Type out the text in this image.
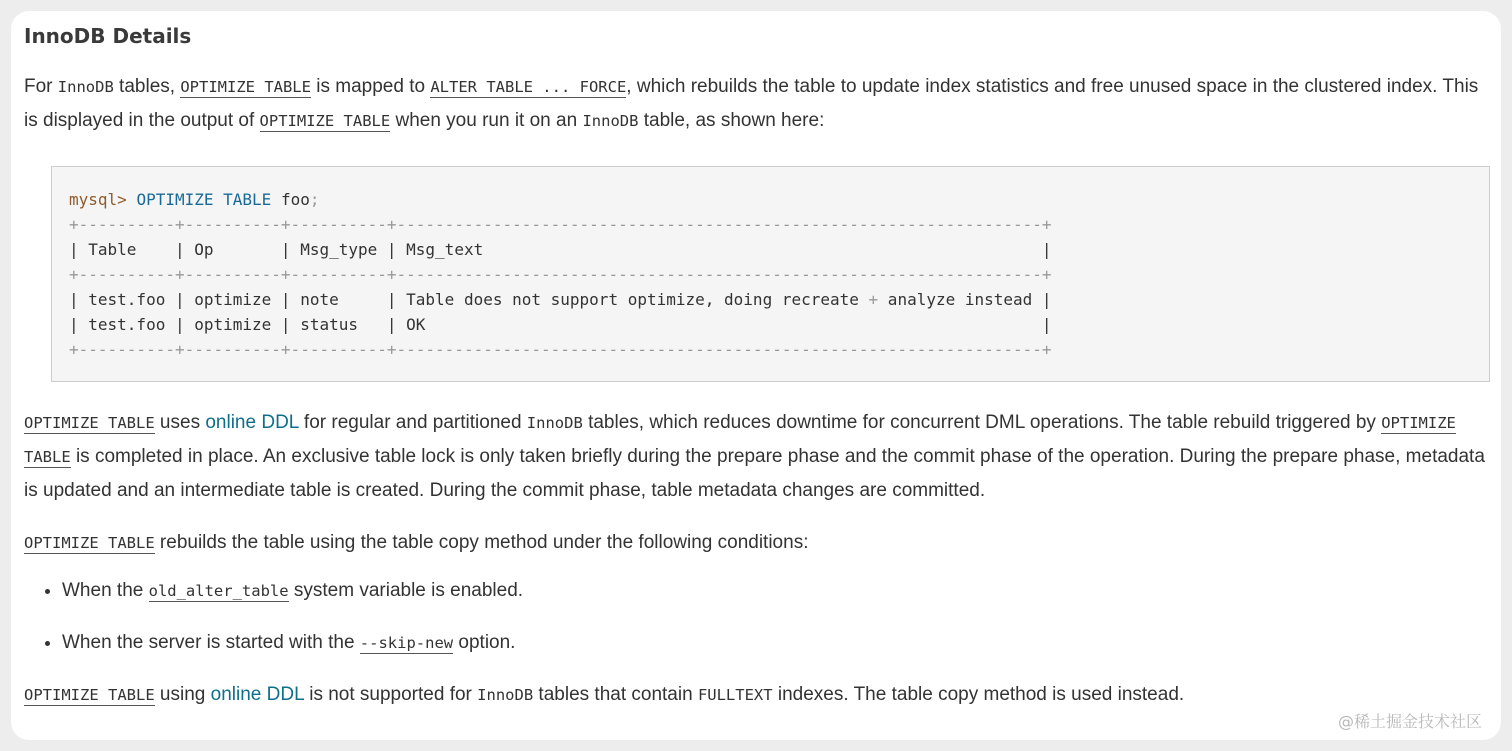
InnoDB Details

For InnoDB tables, OPTIMIZE TABLE is mapped to ALTER TABLE ... FORCE, which rebuilds the table to update index statistics and free unused space in the clustered index. This is displayed in the output of OPTIMIZE TABLE when you run it on an InnoDB table, as shown here:

mysql> OPTIMIZE TABLE foo;
+----------+----------+----------+-------------------------------------------------------------------+
| Table    | Op       | Msg_type | Msg_text                                                          |
+----------+----------+----------+-------------------------------------------------------------------+
| test.foo | optimize | note     | Table does not support optimize, doing recreate + analyze instead |
| test.foo | optimize | status   | OK                                                                |
+----------+----------+----------+-------------------------------------------------------------------+

OPTIMIZE TABLE uses online DDL for regular and partitioned InnoDB tables, which reduces downtime for concurrent DML operations. The table rebuild triggered by OPTIMIZE TABLE is completed in place. An exclusive table lock is only taken briefly during the prepare phase and the commit phase of the operation. During the prepare phase, metadata is updated and an intermediate table is created. During the commit phase, table metadata changes are committed.

OPTIMIZE TABLE rebuilds the table using the table copy method under the following conditions:

• When the old_alter_table system variable is enabled.
• When the server is started with the --skip-new option.

OPTIMIZE TABLE using online DDL is not supported for InnoDB tables that contain FULLTEXT indexes. The table copy method is used instead.

@稀土掘金技术社区
